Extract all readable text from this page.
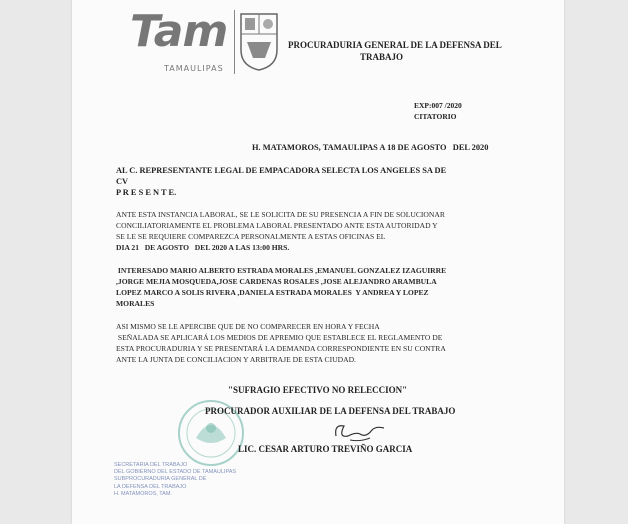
Tam
TAMAULIPAS
PROCURADURIA GENERAL DE LA DEFENSA DEL
TRABAJO
EXP:007 /2020
CITATORIO
H. MATAMOROS, TAMAULIPAS A 18 DE AGOSTO   DEL 2020
AL C. REPRESENTANTE LEGAL DE EMPACADORA SELECTA LOS ANGELES SA DE
CV
P R E S E N T E.
ANTE ESTA INSTANCIA LABORAL, SE LE SOLICITA DE SU PRESENCIA A FIN DE SOLUCIONAR
CONCILIATORIAMENTE EL PROBLEMA LABORAL PRESENTADO ANTE ESTA AUTORIDAD Y
SE LE SE REQUIERE COMPAREZCA PERSONALMENTE A ESTAS OFICINAS EL
DIA 21   DE AGOSTO   DEL 2020 A LAS 13:00 HRS.
INTERESADO MARIO ALBERTO ESTRADA MORALES ,EMANUEL GONZALEZ IZAGUIRRE
,JORGE MEJIA MOSQUEDA,JOSE CARDENAS ROSALES ,JOSE ALEJANDRO ARAMBULA
LOPEZ MARCO A SOLIS RIVERA ,DANIELA ESTRADA MORALES  Y ANDREA Y LOPEZ
MORALES
ASI MISMO SE LE APERCIBE QUE DE NO COMPARECER EN HORA Y FECHA
SEÑALADA SE APLICARÁ LOS MEDIOS DE APREMIO QUE ESTABLECE EL REGLAMENTO DE
ESTA PROCURADURIA Y SE PRESENTARÁ LA DEMANDA CORRESPONDIENTE EN SU CONTRA
ANTE LA JUNTA DE CONCILIACION Y ARBITRAJE DE ESTA CIUDAD.
"SUFRAGIO EFECTIVO NO RELECCION"
PROCURADOR AUXILIAR DE LA DEFENSA DEL TRABAJO
LIC. CESAR ARTURO TREVIÑO GARCIA
SECRETARIA DEL TRABAJO
DEL GOBIERNO DEL ESTADO DE TAMAULIPAS
SUBPROCURADURIA GENERAL DE
LA DEFENSA DEL TRABAJO
H. MATAMOROS, TAM.
